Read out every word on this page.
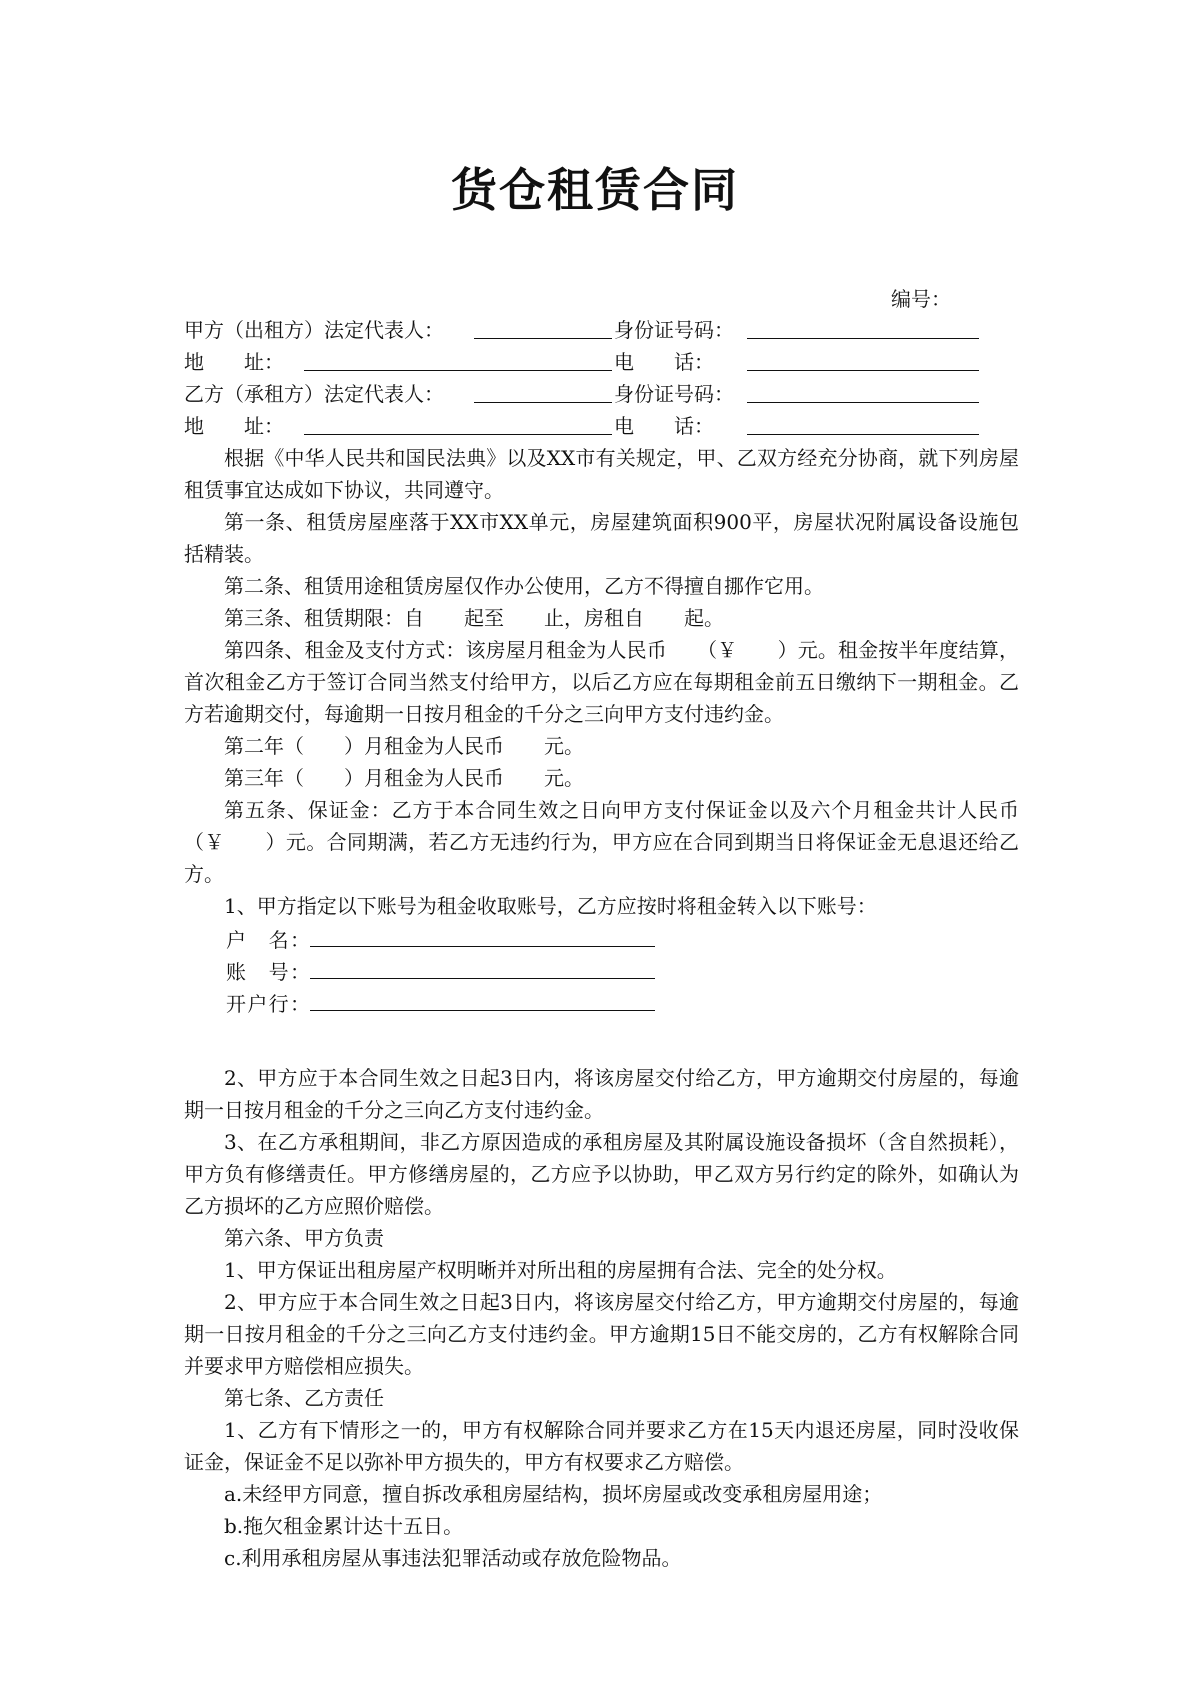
货仓租赁合同
编号：
甲方（出租方）法定代表人：	身份证号码：
地　　址：	电　　话：
乙方（承租方）法定代表人：	身份证号码：
地　　址：	电　　话：

根据《中华人民共和国民法典》以及XX市有关规定，甲、乙双方经充分协商，就下列房屋租赁事宜达成如下协议，共同遵守。

第一条、租赁房屋座落于XX市XX单元，房屋建筑面积900平，房屋状况附属设备设施包括精装。

第二条、租赁用途租赁房屋仅作办公使用，乙方不得擅自挪作它用。

第三条、租赁期限：自　　起至　　止，房租自　　起。

第四条、租金及支付方式：该房屋月租金为人民币　　（￥　　）元。租金按半年度结算，首次租金乙方于签订合同当然支付给甲方，以后乙方应在每期租金前五日缴纳下一期租金。乙方若逾期交付，每逾期一日按月租金的千分之三向甲方支付违约金。

第二年（　　）月租金为人民币　　元。

第三年（　　）月租金为人民币　　元。

第五条、保证金：乙方于本合同生效之日向甲方支付保证金以及六个月租金共计人民币　　　（￥　　）元。合同期满，若乙方无违约行为，甲方应在合同到期当日将保证金无息退还给乙方。

1、甲方指定以下账号为租金收取账号，乙方应按时将租金转入以下账号：

户　名：
账　号：
开户行：

2、甲方应于本合同生效之日起3日内，将该房屋交付给乙方，甲方逾期交付房屋的，每逾期一日按月租金的千分之三向乙方支付违约金。

3、在乙方承租期间，非乙方原因造成的承租房屋及其附属设施设备损坏（含自然损耗），甲方负有修缮责任。甲方修缮房屋的，乙方应予以协助，甲乙双方另行约定的除外，如确认为乙方损坏的乙方应照价赔偿。

第六条、甲方负责

1、甲方保证出租房屋产权明晰并对所出租的房屋拥有合法、完全的处分权。

2、甲方应于本合同生效之日起3日内，将该房屋交付给乙方，甲方逾期交付房屋的，每逾期一日按月租金的千分之三向乙方支付违约金。甲方逾期15日不能交房的，乙方有权解除合同并要求甲方赔偿相应损失。

第七条、乙方责任

1、乙方有下情形之一的，甲方有权解除合同并要求乙方在15天内退还房屋，同时没收保证金，保证金不足以弥补甲方损失的，甲方有权要求乙方赔偿。

a.未经甲方同意，擅自拆改承租房屋结构，损坏房屋或改变承租房屋用途；

b.拖欠租金累计达十五日。

c.利用承租房屋从事违法犯罪活动或存放危险物品。
